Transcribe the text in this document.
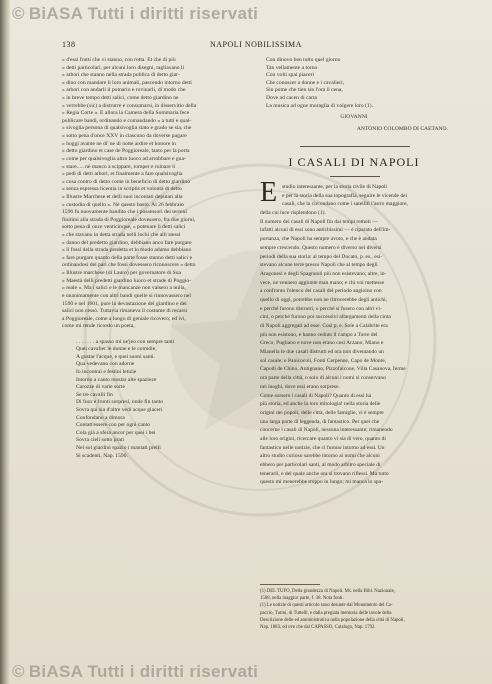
© BiASA Tutti i diritti riservati
© BiASA Tutti i diritti riservati
138	NAPOLI NOBILISSIMA
» d'essi frutti che vi stanno, con rotta. Et che di più
» detti particolari, per alcuni loro disegni, tagliavano li
» arbori che stanno nella strada publica di detto giar-
» dino con mandare li loro animali, pascendo intorno detti
» arbori con andarli il pomario e rovinarli, di modo che
» in breve tempo detti salici, come detto giardino ne
» verrebbe (sic) a distrurre e consumarsi, in disservitio della
» Regia Corte ». E allora la Camera della Sommaria fece
publicare bandi, ordinando e comandando « a tutti e qual-
» sivoglia persona di qualsivoglia stato e grado se sia, che
» sotto pena d'once XXV in ciascuno da doverse pagare
» hoggi avante ne di' ne di notte ardire et honore in
» detto giardino et case de Poggioreale, tanto per la porta
» come per qualsivoglia altro luoco ad arrobbare e gua-
» stare..... nè manco a scippare, romper e ruinare li
» pedi di detti arbori, et finalmente a fare qualsivoglia
» cosa contro di detto come in beneficio di detto giardino
» senza espressa licentia in scriptis et volontà di detto
» Illustre Marchese et delli suoi incontati deputati alla
» custodia di quello ». Nè questo bastò. Al 26 febbraio
1596 fu nuovamente bandito che i possessori dei terreni
finitimi alla strada di Poggioreale dovessero, fra due giorni,
sotto pena di once venticinque, « potenare li detti salici
» che stavano in detta strada nelli lochi che alli stessi
» danno del predetto giardino, debbiano anco fare purgare
» li fossi della strada predetta et lo modo adamo debbiano
» fare purgare quanto della parte fosse stanno detti salici e
ordinandosi del pari che fossi dovessero riconoscere « detto
» Illustre marchese (di Lauro) per governatore di Sua
» Maestà delli predetti giardino luoco et strade di Poggio-
» reale ». Ma i salici e le mancanze non valsero a nulla,
e unanimamente con altri bandi quelle si rinnovassero nel
1590 e nel 1601, pure la devastazione del giardino e dei
salici non cessò. Tuttavia rimanevа il costume di recarsi
a Poggioreale, come a luogo di geniale ricovero; ed ivi,
come mi rende ricordo un poeta,
. . . . . . . a spasso mi ne'jeo con sempre tanti
Quei cavalier le donne e le comidie,
A gustar l'acque, e quei suoni santi.
Qua vedevano con adorne
Io incontrai e festini letizie
Intorno a canto mostar alte spazieze
Carozze di varie sorte
Se tre cavalli fin
Di fuor e fronti sorpresi, onde fin tanto
Sovra qui sia d'altre vedi acque giaceri
Confondano a dimora
Contatt'essere con per ogni canto
Cola già a sfera ancor per quei i bei
Sovra cieli sotto prati
Nel sol giardini spazio i mantati prelli
Si scadenti, Nap. 1590.
Con dinovo ben tutto quel giorno
Tan vellamente a torno
Con volti spai piaceri
Che conoscer a donne e i cavalieri,
Sin pome che tien sin l'ora il cena,
Dove ad cacen di carta
La musica ad ogne muraglia di volgere loro (1).
GIOVANNI
ANTONIO COLOMBO DI CAETANO.
I CASALI DI NAPOLI
E studio interessante, per la storia civile di Napoli
e per la storia della sua topografia, seguire le vicende dei
casali, che la circondano come i satelliti l'astro maggiore,
della cui luce risplendono (1).
Il numero dei casali di Napoli fin dai tempi remoti —
infatti alcuni di essi sono antichissimi — è riparato dell'im-
portanza, che Napoli ha sempre avuto, e che è andata
sempre crescendo. Questo numero è diverso nei diversi
periodi della sua storia: al tempo del Ducato, p. es., esi-
stevano alcune terre presso Napoli che al tempo degli
Aragonesi e degli Spagnuoli più non esistevano; altre, in-
vece, ne vennero aggiunte man mano; e chi voi mettesse
a confronto l'elenco dei casali del periodo angioino con
quello di oggi, potrebbe non ne ritroverebbe degli antichi,
e perché furono distrutti, o perché si fusero con altri vi-
cini, o perché furono poi successivi allargamenti della cinta
di Napoli aggregati ad esse. Così p. e. Sole a Calabrite era
più non esistono, e hanno ceduto il campo a Torre del
Greco, Pugliano e nove non erano così Arzano, Miano e
Mianella le due casali distrutti ed ora non diventando un
sol casale; e Panicocoli, Fonti Cerpenne, Capo de Monte,
Capodi de Chino, Antignano, Pizzofalcone, Villa Casanova, ferme
ora parte della città, o solo di alcuni i nomi si conservano
nei luoghi, dove essi erano sorprese.
Come sorsero i casali di Napoli? Quanto di essi ha
più storia, ed anche la loro mitologia! nella storia delle
origini dei popoli, delle città, delle famiglie, vi è sempre
una larga parte di leggenda, di fantastico. Per quei che
concerne i casali di Napoli, nessuna interessante; rimanendo
alle loro origini, ricercare quanto vi sia di vero, quanto di
fantastico nelle notizie, che ci furono intorno ad essi. Un
altro studio curioso sarebbe intorno ai nomi che alcuni
ebbero per particolari santi, al modo arbitro speciale di
tenerarli, e del quale anche ora si trovano riflessi. Ma tutto
questo mi menerebbe troppo in lungo; mi manca lo spa-
(1) DEL TUFO, Della grandezza di Napoli. Ms. nella Bibl. Nazionale,
1588, nella maggior parte, f. 38. Nota fonti.
(1) Le notizie di questi articolo sono desunte dal Monumento del Ca-
paccio, Tutini, di Tuttelli, e dalla pregiata memoria delle tavole della
Descrizione delle ed amministrativa nella popolazione della città di Napoli,
Nap. 1883, ed ove che dal CAPASSO, Catalogo, Nap. 1792.
